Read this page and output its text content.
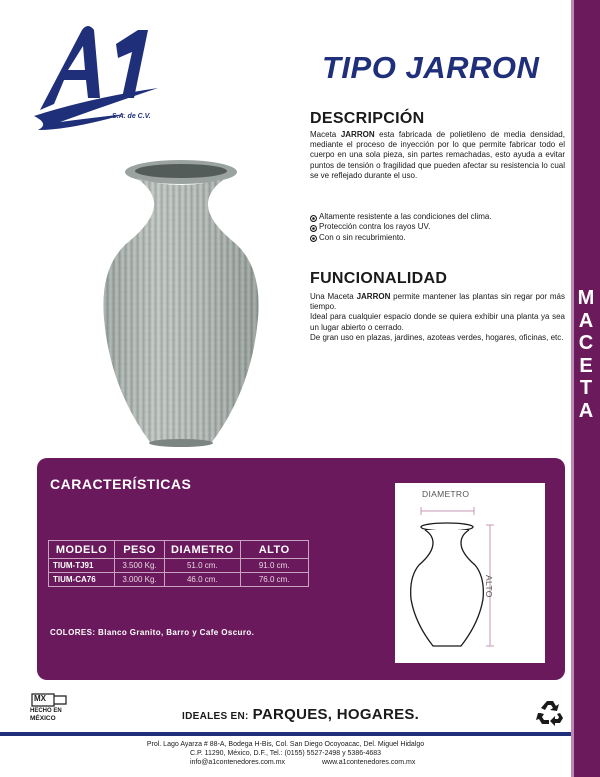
M
A
C
E
T
A
S.A. de C.V.
TIPO JARRON
DESCRIPCIÓN
Maceta JARRON esta fabricada de polietileno de media densidad, mediante el proceso de inyección por lo que permite fabricar todo el cuerpo en una sola pieza, sin partes remachadas, esto ayuda a evitar puntos de tensión o fragilidad que pueden afectar su resistencia lo cual se ve reflejado durante el uso.
Altamente resistente a las condiciones del clima.
Protección contra los rayos UV.
Con o sin recubrimiento.
FUNCIONALIDAD
Una Maceta JARRON permite mantener las plantas sin regar por más tiempo.
Ideal para cualquier espacio donde se quiera exhibir una planta ya sea un lugar abierto o cerrado.
De gran uso en plazas, jardines, azoteas verdes, hogares, oficinas, etc.
CARACTERÍSTICAS
MODELO	PESO	DIAMETRO	ALTO
TIUM-TJ91	3.500 Kg.	51.0 cm.	91.0 cm.
TIUM-CA76	3.000 Kg.	46.0 cm.	76.0 cm.
COLORES: Blanco Granito, Barro y Cafe Oscuro.
DIAMETRO
ALTO
MX
HECHO EN
MÉXICO	IDEALES EN: PARQUES, HOGARES.
Prol. Lago Ayarza # 88-A, Bodega H-Bis, Col. San Diego Ocoyoacac, Del. Miguel Hidalgo
C.P. 11290, México, D.F., Tel.: (0155) 5527-2498 y 5386-4683
info@a1contenedores.com.mx	www.a1contenedores.com.mx
